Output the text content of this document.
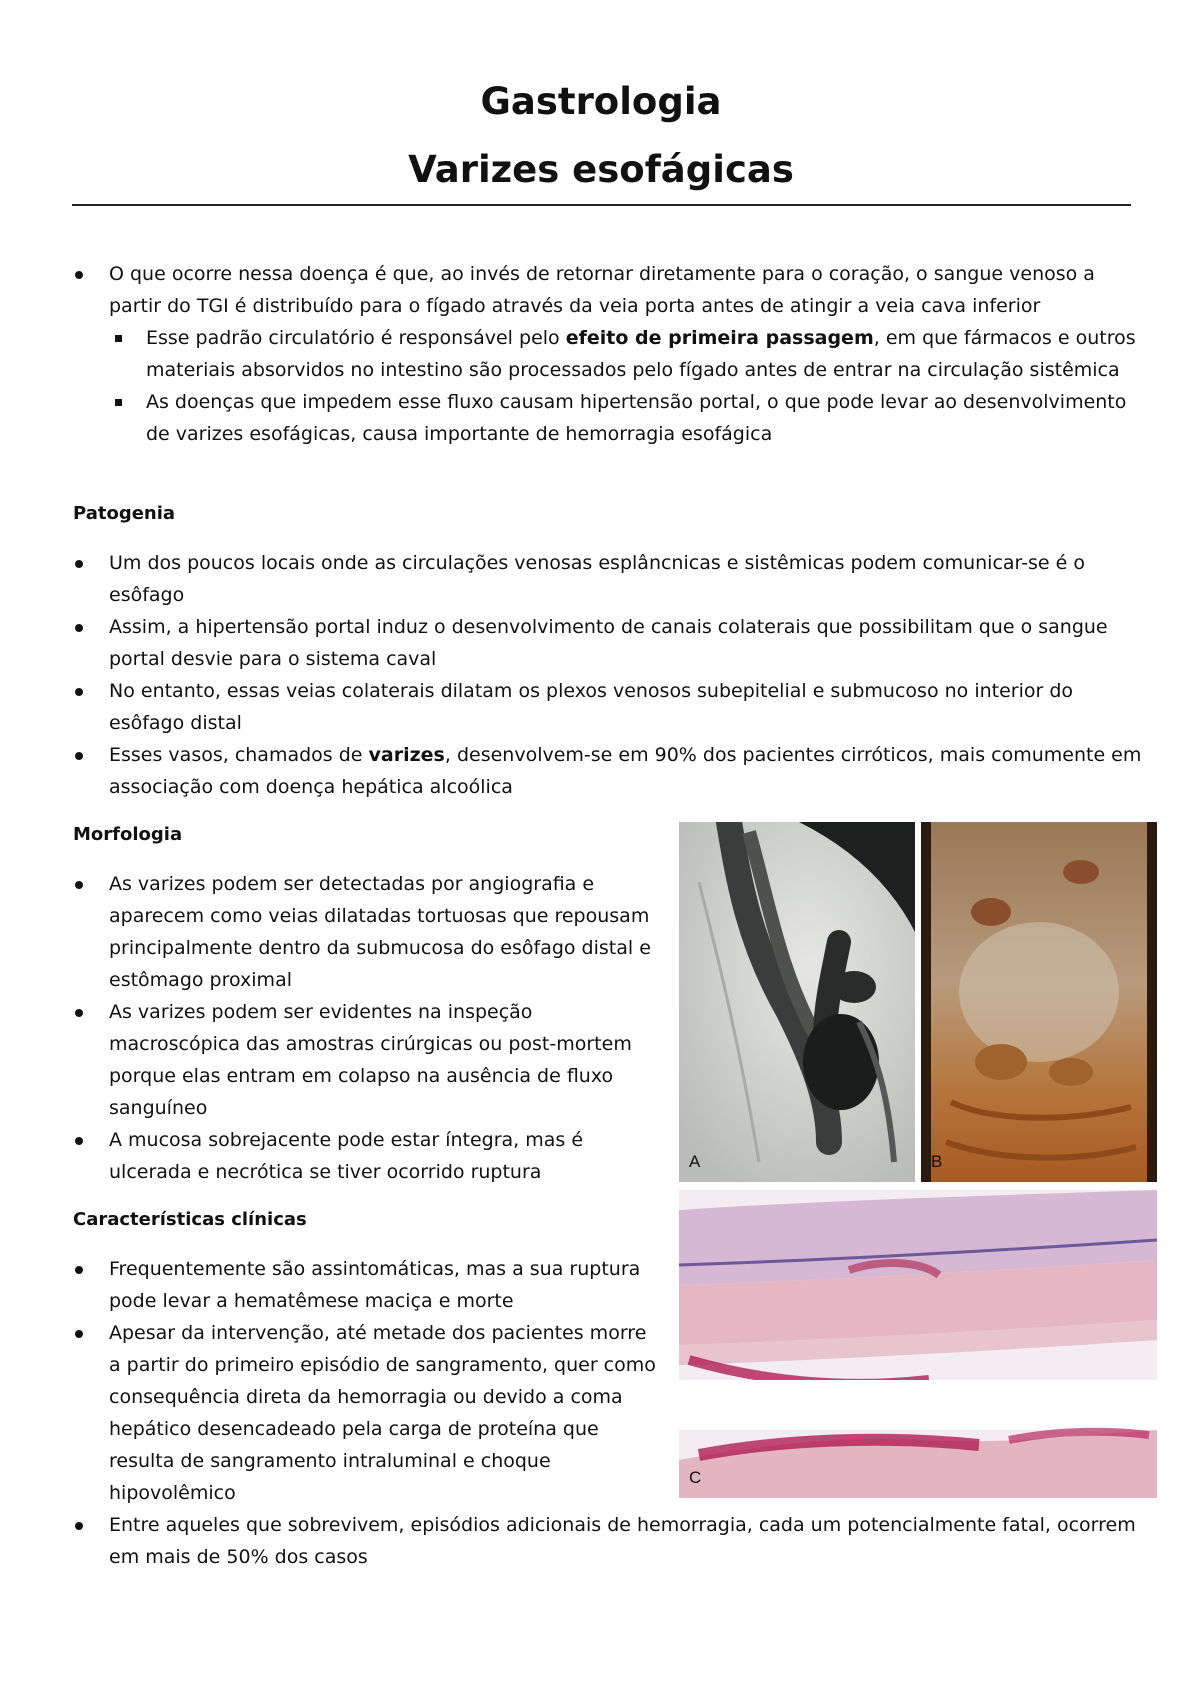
Gastrologia
Varizes esofágicas
O que ocorre nessa doença é que, ao invés de retornar diretamente para o coração, o sangue venoso a partir do TGI é distribuído para o fígado através da veia porta antes de atingir a veia cava inferior
Esse padrão circulatório é responsável pelo efeito de primeira passagem, em que fármacos e outros materiais absorvidos no intestino são processados pelo fígado antes de entrar na circulação sistêmica
As doenças que impedem esse fluxo causam hipertensão portal, o que pode levar ao desenvolvimento de varizes esofágicas, causa importante de hemorragia esofágica
Patogenia
Um dos poucos locais onde as circulações venosas esplâncnicas e sistêmicas podem comunicar-se é o esôfago
Assim, a hipertensão portal induz o desenvolvimento de canais colaterais que possibilitam que o sangue portal desvie para o sistema caval
No entanto, essas veias colaterais dilatam os plexos venosos subepitelial e submucoso no interior do esôfago distal
Esses vasos, chamados de varizes, desenvolvem-se em 90% dos pacientes cirróticos, mais comumente em associação com doença hepática alcoólica
Morfologia
As varizes podem ser detectadas por angiografia e aparecem como veias dilatadas tortuosas que repousam principalmente dentro da submucosa do esôfago distal e estômago proximal
As varizes podem ser evidentes na inspeção macroscópica das amostras cirúrgicas ou post-mortem porque elas entram em colapso na ausência de fluxo sanguíneo
A mucosa sobrejacente pode estar íntegra, mas é ulcerada e necrótica se tiver ocorrido ruptura
Características clínicas
Frequentemente são assintomáticas, mas a sua ruptura pode levar a hematêmese maciça e morte
Apesar da intervenção, até metade dos pacientes morre a partir do primeiro episódio de sangramento, quer como consequência direta da hemorragia ou devido a coma hepático desencadeado pela carga de proteína que resulta de sangramento intraluminal e choque hipovolêmico
Entre aqueles que sobrevivem, episódios adicionais de hemorragia, cada um potencialmente fatal, ocorrem em mais de 50% dos casos
A	B
C
